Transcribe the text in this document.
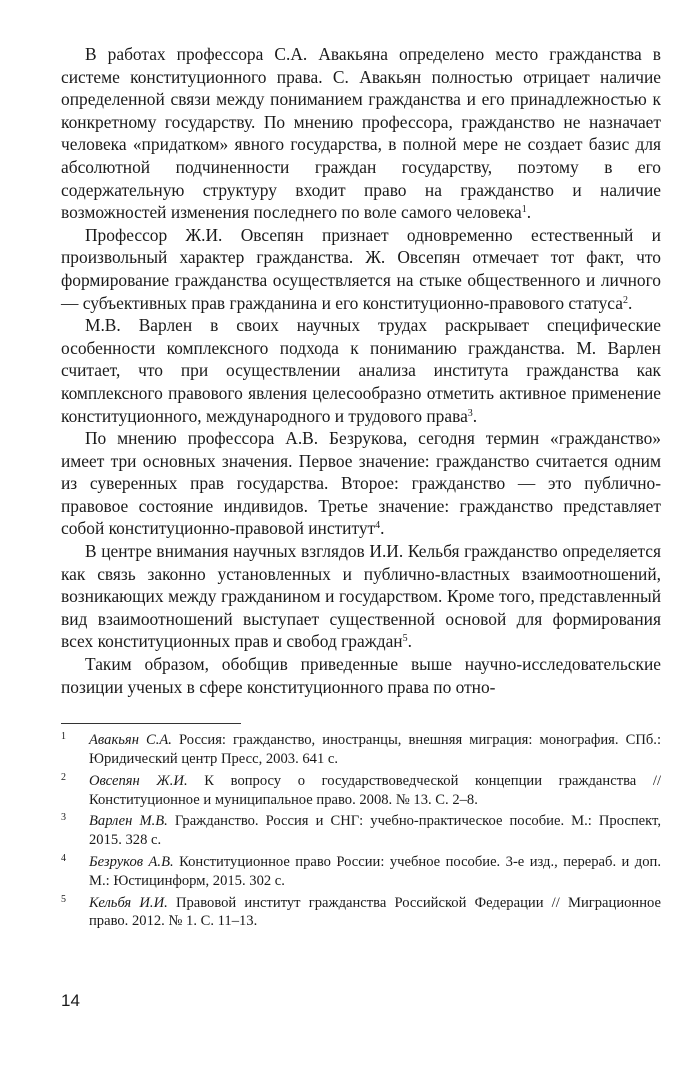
В работах профессора С.А. Авакьяна определено место гражданства в системе конституционного права. С. Авакьян полностью отрицает наличие определенной связи между пониманием гражданства и его принадлежностью к конкретному государству. По мнению профессора, гражданство не назначает человека «придатком» явного государства, в полной мере не создает базис для абсолютной подчиненности граждан государству, поэтому в его содержательную структуру входит право на гражданство и наличие возможностей изменения последнего по воле самого человека$^1$.

Профессор Ж.И. Овсепян признает одновременно естественный и произвольный характер гражданства. Ж. Овсепян отмечает тот факт, что формирование гражданства осуществляется на стыке общественного и личного — субъективных прав гражданина и его конституционно-правового статуса$^2$.

М.В. Варлен в своих научных трудах раскрывает специфические особенности комплексного подхода к пониманию гражданства. М. Варлен считает, что при осуществлении анализа института гражданства как комплексного правового явления целесообразно отметить активное применение конституционного, международного и трудового права$^3$.

По мнению профессора А.В. Безрукова, сегодня термин «гражданство» имеет три основных значения. Первое значение: гражданство считается одним из суверенных прав государства. Второе: гражданство — это публично-правовое состояние индивидов. Третье значение: гражданство представляет собой конституционно-правовой институт$^4$.

В центре внимания научных взглядов И.И. Кельбя гражданство определяется как связь законно установленных и публично-властных взаимоотношений, возникающих между гражданином и государством. Кроме того, представленный вид взаимоотношений выступает существенной основой для формирования всех конституционных прав и свобод граждан$^5$.

Таким образом, обобщив приведенные выше научно-исследовательские позиции ученых в сфере конституционного права по отно-

1 Авакьян С.А. Россия: гражданство, иностранцы, внешняя миграция: монография. СПб.: Юридический центр Пресс, 2003. 641 с.
2 Овсепян Ж.И. К вопросу о государствоведческой концепции гражданства // Конституционное и муниципальное право. 2008. № 13. С. 2–8.
3 Варлен М.В. Гражданство. Россия и СНГ: учебно-практическое пособие. М.: Проспект, 2015. 328 с.
4 Безруков А.В. Конституционное право России: учебное пособие. 3-е изд., перераб. и доп. М.: Юстицинформ, 2015. 302 с.
5 Кельбя И.И. Правовой институт гражданства Российской Федерации // Миграционное право. 2012. № 1. С. 11–13.
14
